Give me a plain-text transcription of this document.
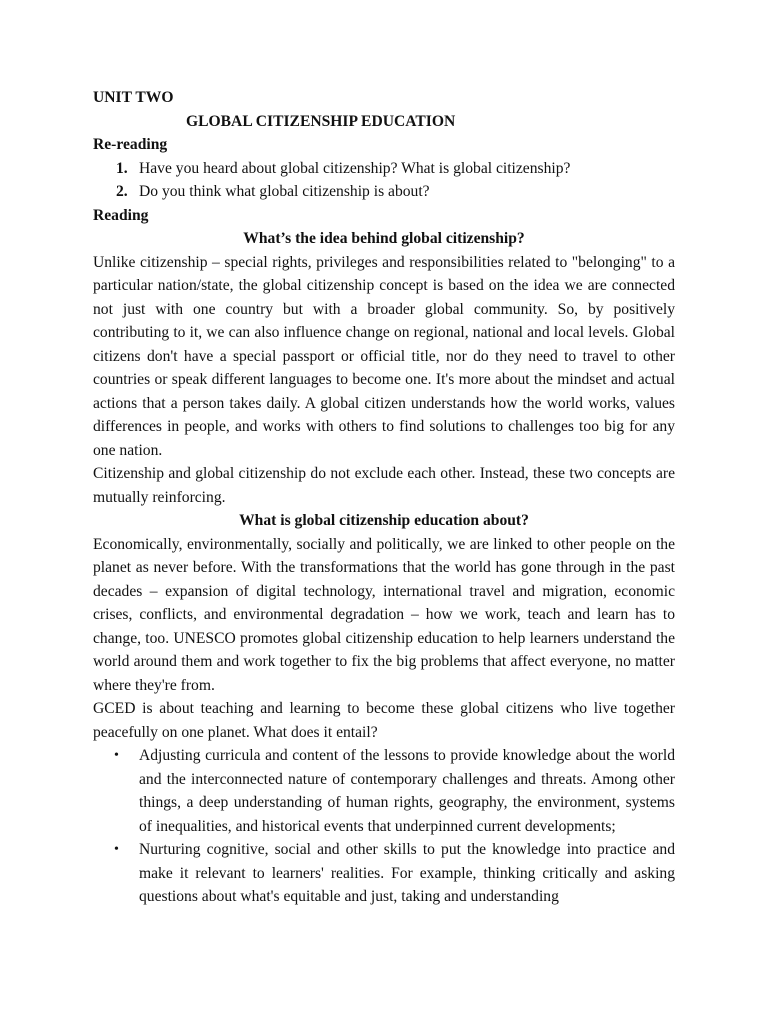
UNIT TWO

GLOBAL CITIZENSHIP EDUCATION

Re-reading

1. Have you heard about global citizenship? What is global citizenship?
2. Do you think what global citizenship is about?

Reading

What’s the idea behind global citizenship?

Unlike citizenship – special rights, privileges and responsibilities related to "belonging" to a particular nation/state, the global citizenship concept is based on the idea we are connected not just with one country but with a broader global community. So, by positively contributing to it, we can also influence change on regional, national and local levels. Global citizens don't have a special passport or official title, nor do they need to travel to other countries or speak different languages to become one. It's more about the mindset and actual actions that a person takes daily. A global citizen understands how the world works, values differences in people, and works with others to find solutions to challenges too big for any one nation.

Citizenship and global citizenship do not exclude each other. Instead, these two concepts are mutually reinforcing.

What is global citizenship education about?

Economically, environmentally, socially and politically, we are linked to other people on the planet as never before. With the transformations that the world has gone through in the past decades – expansion of digital technology, international travel and migration, economic crises, conflicts, and environmental degradation – how we work, teach and learn has to change, too. UNESCO promotes global citizenship education to help learners understand the world around them and work together to fix the big problems that affect everyone, no matter where they're from.

GCED is about teaching and learning to become these global citizens who live together peacefully on one planet. What does it entail?

• Adjusting curricula and content of the lessons to provide knowledge about the world and the interconnected nature of contemporary challenges and threats. Among other things, a deep understanding of human rights, geography, the environment, systems of inequalities, and historical events that underpinned current developments;
• Nurturing cognitive, social and other skills to put the knowledge into practice and make it relevant to learners' realities. For example, thinking critically and asking questions about what's equitable and just, taking and understanding
